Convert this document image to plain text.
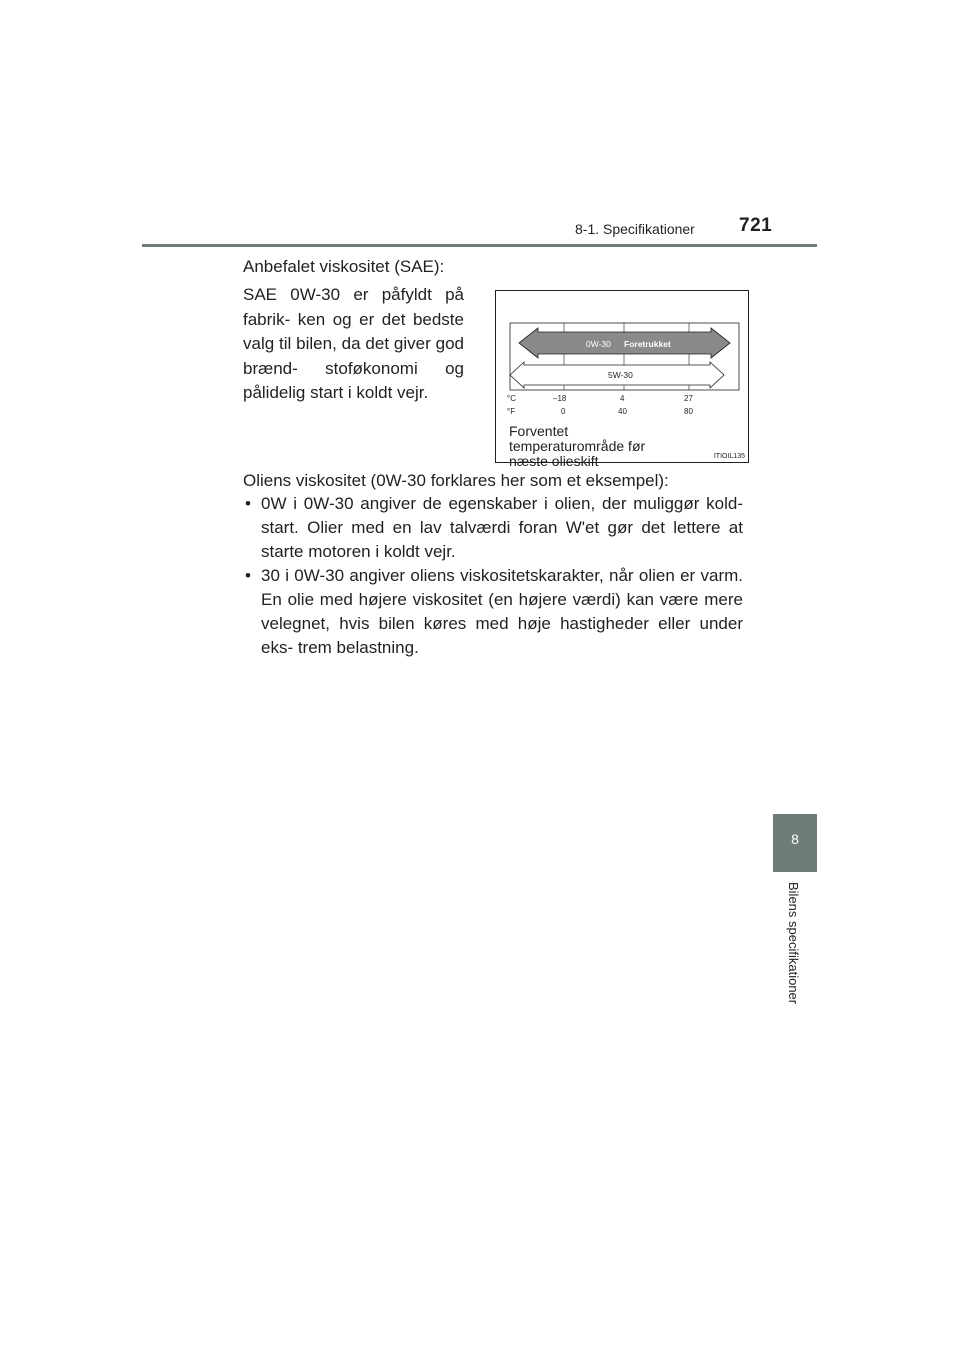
8-1. Specifikationer 721
8
Bilens specifikationer

Anbefalet viskositet (SAE):

SAE 0W-30 er påfyldt på fabrik- ken og er det bedste valg til bilen, da det giver god brænd- stoføkonomi og pålidelig start i koldt vejr.

0W-30 Foretrukket
5W-30
°C	–18	4	27
°F	0	40	80
Forventet temperaturområde før næste olieskift	ITIOIL135

Oliens viskositet (0W-30 forklares her som et eksempel):

• 0W i 0W-30 angiver de egenskaber i olien, der muliggør kold- start. Olier med en lav talværdi foran W'et gør det lettere at starte motoren i koldt vejr.
• 30 i 0W-30 angiver oliens viskositetskarakter, når olien er varm. En olie med højere viskositet (en højere værdi) kan være mere velegnet, hvis bilen køres med høje hastigheder eller under eks- trem belastning.
